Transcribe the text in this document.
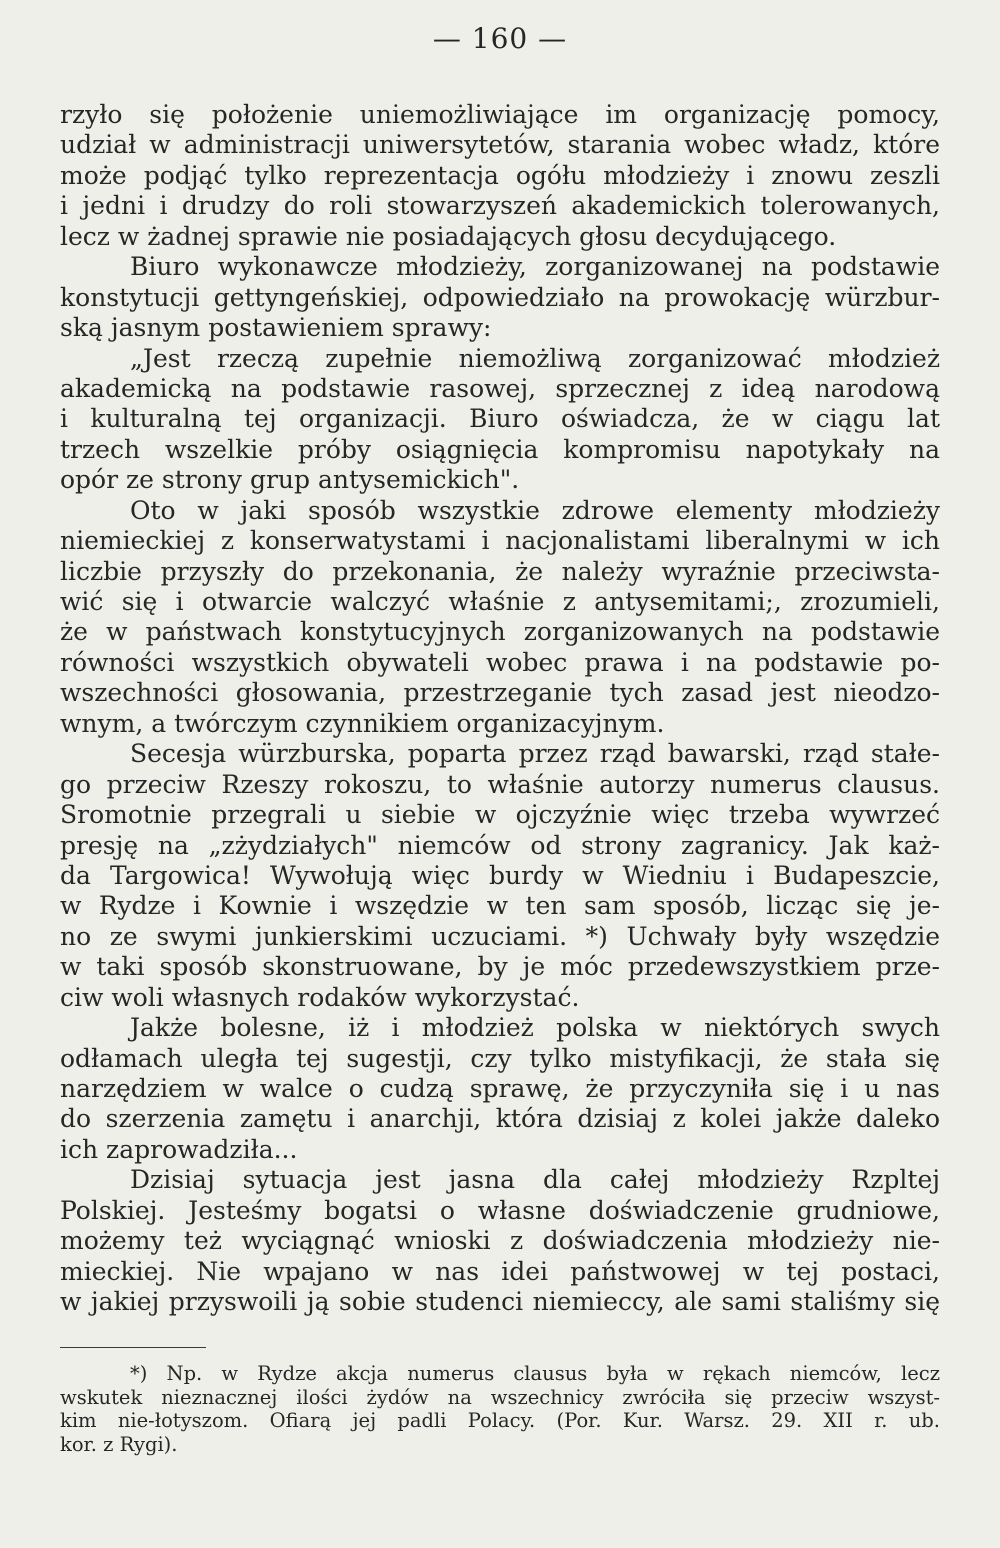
— 160 —
rzyło się położenie uniemożliwiające im organizację pomocy,
udział w administracji uniwersytetów, starania wobec władz, które
może podjąć tylko reprezentacja ogółu młodzieży i znowu zeszli
i jedni i drudzy do roli stowarzyszeń akademickich tolerowanych,
lecz w żadnej sprawie nie posiadających głosu decydującego.
Biuro wykonawcze młodzieży, zorganizowanej na podstawie
konstytucji gettyngeńskiej, odpowiedziało na prowokację würzbur-
ską jasnym postawieniem sprawy:
„Jest rzeczą zupełnie niemożliwą zorganizować młodzież
akademicką na podstawie rasowej, sprzecznej z ideą narodową
i kulturalną tej organizacji. Biuro oświadcza, że w ciągu lat
trzech wszelkie próby osiągnięcia kompromisu napotykały na
opór ze strony grup antysemickich".
Oto w jaki sposób wszystkie zdrowe elementy młodzieży
niemieckiej z konserwatystami i nacjonalistami liberalnymi w ich
liczbie przyszły do przekonania, że należy wyraźnie przeciwsta-
wić się i otwarcie walczyć właśnie z antysemitami;, zrozumieli,
że w państwach konstytucyjnych zorganizowanych na podstawie
równości wszystkich obywateli wobec prawa i na podstawie po-
wszechności głosowania, przestrzeganie tych zasad jest nieodzo-
wnym, a twórczym czynnikiem organizacyjnym.
Secesja würzburska, poparta przez rząd bawarski, rząd stałe-
go przeciw Rzeszy rokoszu, to właśnie autorzy numerus clausus.
Sromotnie przegrali u siebie w ojczyźnie więc trzeba wywrzeć
presję na „zżydziałych" niemców od strony zagranicy. Jak każ-
da Targowica! Wywołują więc burdy w Wiedniu i Budapeszcie,
w Rydze i Kownie i wszędzie w ten sam sposób, licząc się je-
no ze swymi junkierskimi uczuciami. *) Uchwały były wszędzie
w taki sposób skonstruowane, by je móc przedewszystkiem prze-
ciw woli własnych rodaków wykorzystać.
Jakże bolesne, iż i młodzież polska w niektórych swych
odłamach uległa tej sugestji, czy tylko mistyfikacji, że stała się
narzędziem w walce o cudzą sprawę, że przyczyniła się i u nas
do szerzenia zamętu i anarchji, która dzisiaj z kolei jakże daleko
ich zaprowadziła...
Dzisiaj sytuacja jest jasna dla całej młodzieży Rzpltej
Polskiej. Jesteśmy bogatsi o własne doświadczenie grudniowe,
możemy też wyciągnąć wnioski z doświadczenia młodzieży nie-
mieckiej. Nie wpajano w nas idei państwowej w tej postaci,
w jakiej przyswoili ją sobie studenci niemieccy, ale sami staliśmy się
*) Np. w Rydze akcja numerus clausus była w rękach niemców, lecz
wskutek nieznacznej ilości żydów na wszechnicy zwróciła się przeciw wszyst-
kim nie-łotyszom. Ofiarą jej padli Polacy. (Por. Kur. Warsz. 29. XII r. ub.
kor. z Rygi).
